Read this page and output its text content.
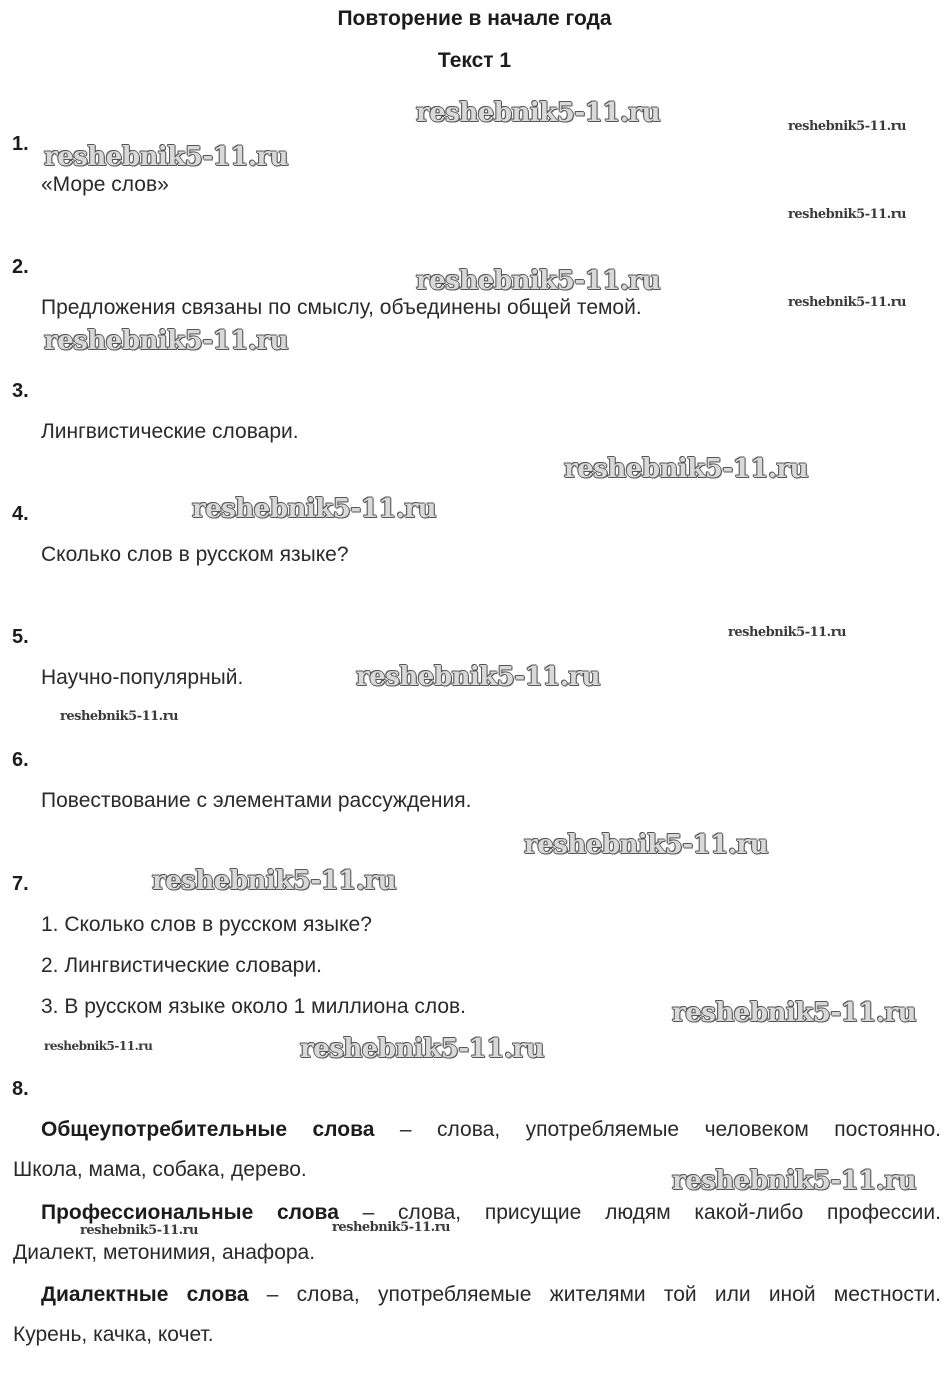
Повторение в начале года
Текст 1
1.
«Море слов»
2.
Предложения связаны по смыслу, объединены общей темой.
3.
Лингвистические словари.
4.
Сколько слов в русском языке?
5.
Научно-популярный.
6.
Повествование с элементами рассуждения.
7.
1. Сколько слов в русском языке?
2. Лингвистические словари.
3. В русском языке около 1 миллиона слов.
8.
Общеупотребительные слова – слова, употребляемые человеком постоянно.
Школа, мама, собака, дерево.
Профессиональные слова – слова, присущие людям какой-либо профессии.
Диалект, метонимия, анафора.
Диалектные слова – слова, употребляемые жителями той или иной местности.
Курень, качка, кочет.
reshebnik5-11.ru	reshebnik5-11.ru
reshebnik5-11.ru
reshebnik5-11.ru
reshebnik5-11.ru
reshebnik5-11.ru
reshebnik5-11.ru
reshebnik5-11.ru
reshebnik5-11.ru
reshebnik5-11.ru
reshebnik5-11.ru
reshebnik5-11.ru
reshebnik5-11.ru
reshebnik5-11.ru
reshebnik5-11.ru
reshebnik5-11.ru	reshebnik5-11.ru
reshebnik5-11.ru
reshebnik5-11.ru	reshebnik5-11.ru
